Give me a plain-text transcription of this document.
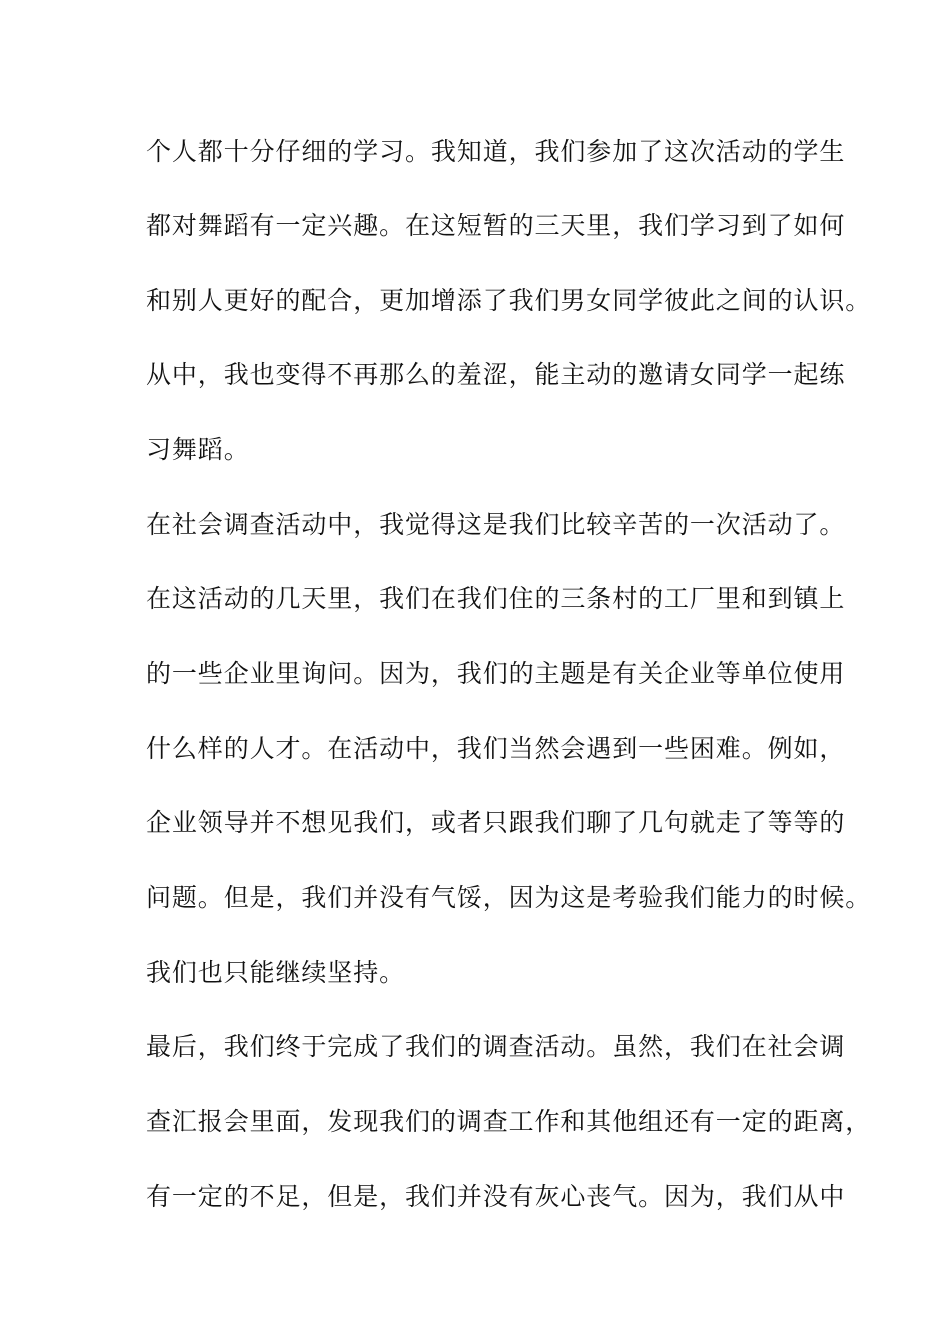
个人都十分仔细的学习。我知道，我们参加了这次活动的学生
都对舞蹈有一定兴趣。在这短暂的三天里，我们学习到了如何
和别人更好的配合，更加增添了我们男女同学彼此之间的认识。
从中，我也变得不再那么的羞涩，能主动的邀请女同学一起练
习舞蹈。
在社会调查活动中，我觉得这是我们比较辛苦的一次活动了。
在这活动的几天里，我们在我们住的三条村的工厂里和到镇上
的一些企业里询问。因为，我们的主题是有关企业等单位使用
什么样的人才。在活动中，我们当然会遇到一些困难。例如，
企业领导并不想见我们，或者只跟我们聊了几句就走了等等的
问题。但是，我们并没有气馁，因为这是考验我们能力的时候。
我们也只能继续坚持。
最后，我们终于完成了我们的调查活动。虽然，我们在社会调
查汇报会里面，发现我们的调查工作和其他组还有一定的距离，
有一定的不足，但是，我们并没有灰心丧气。因为，我们从中
